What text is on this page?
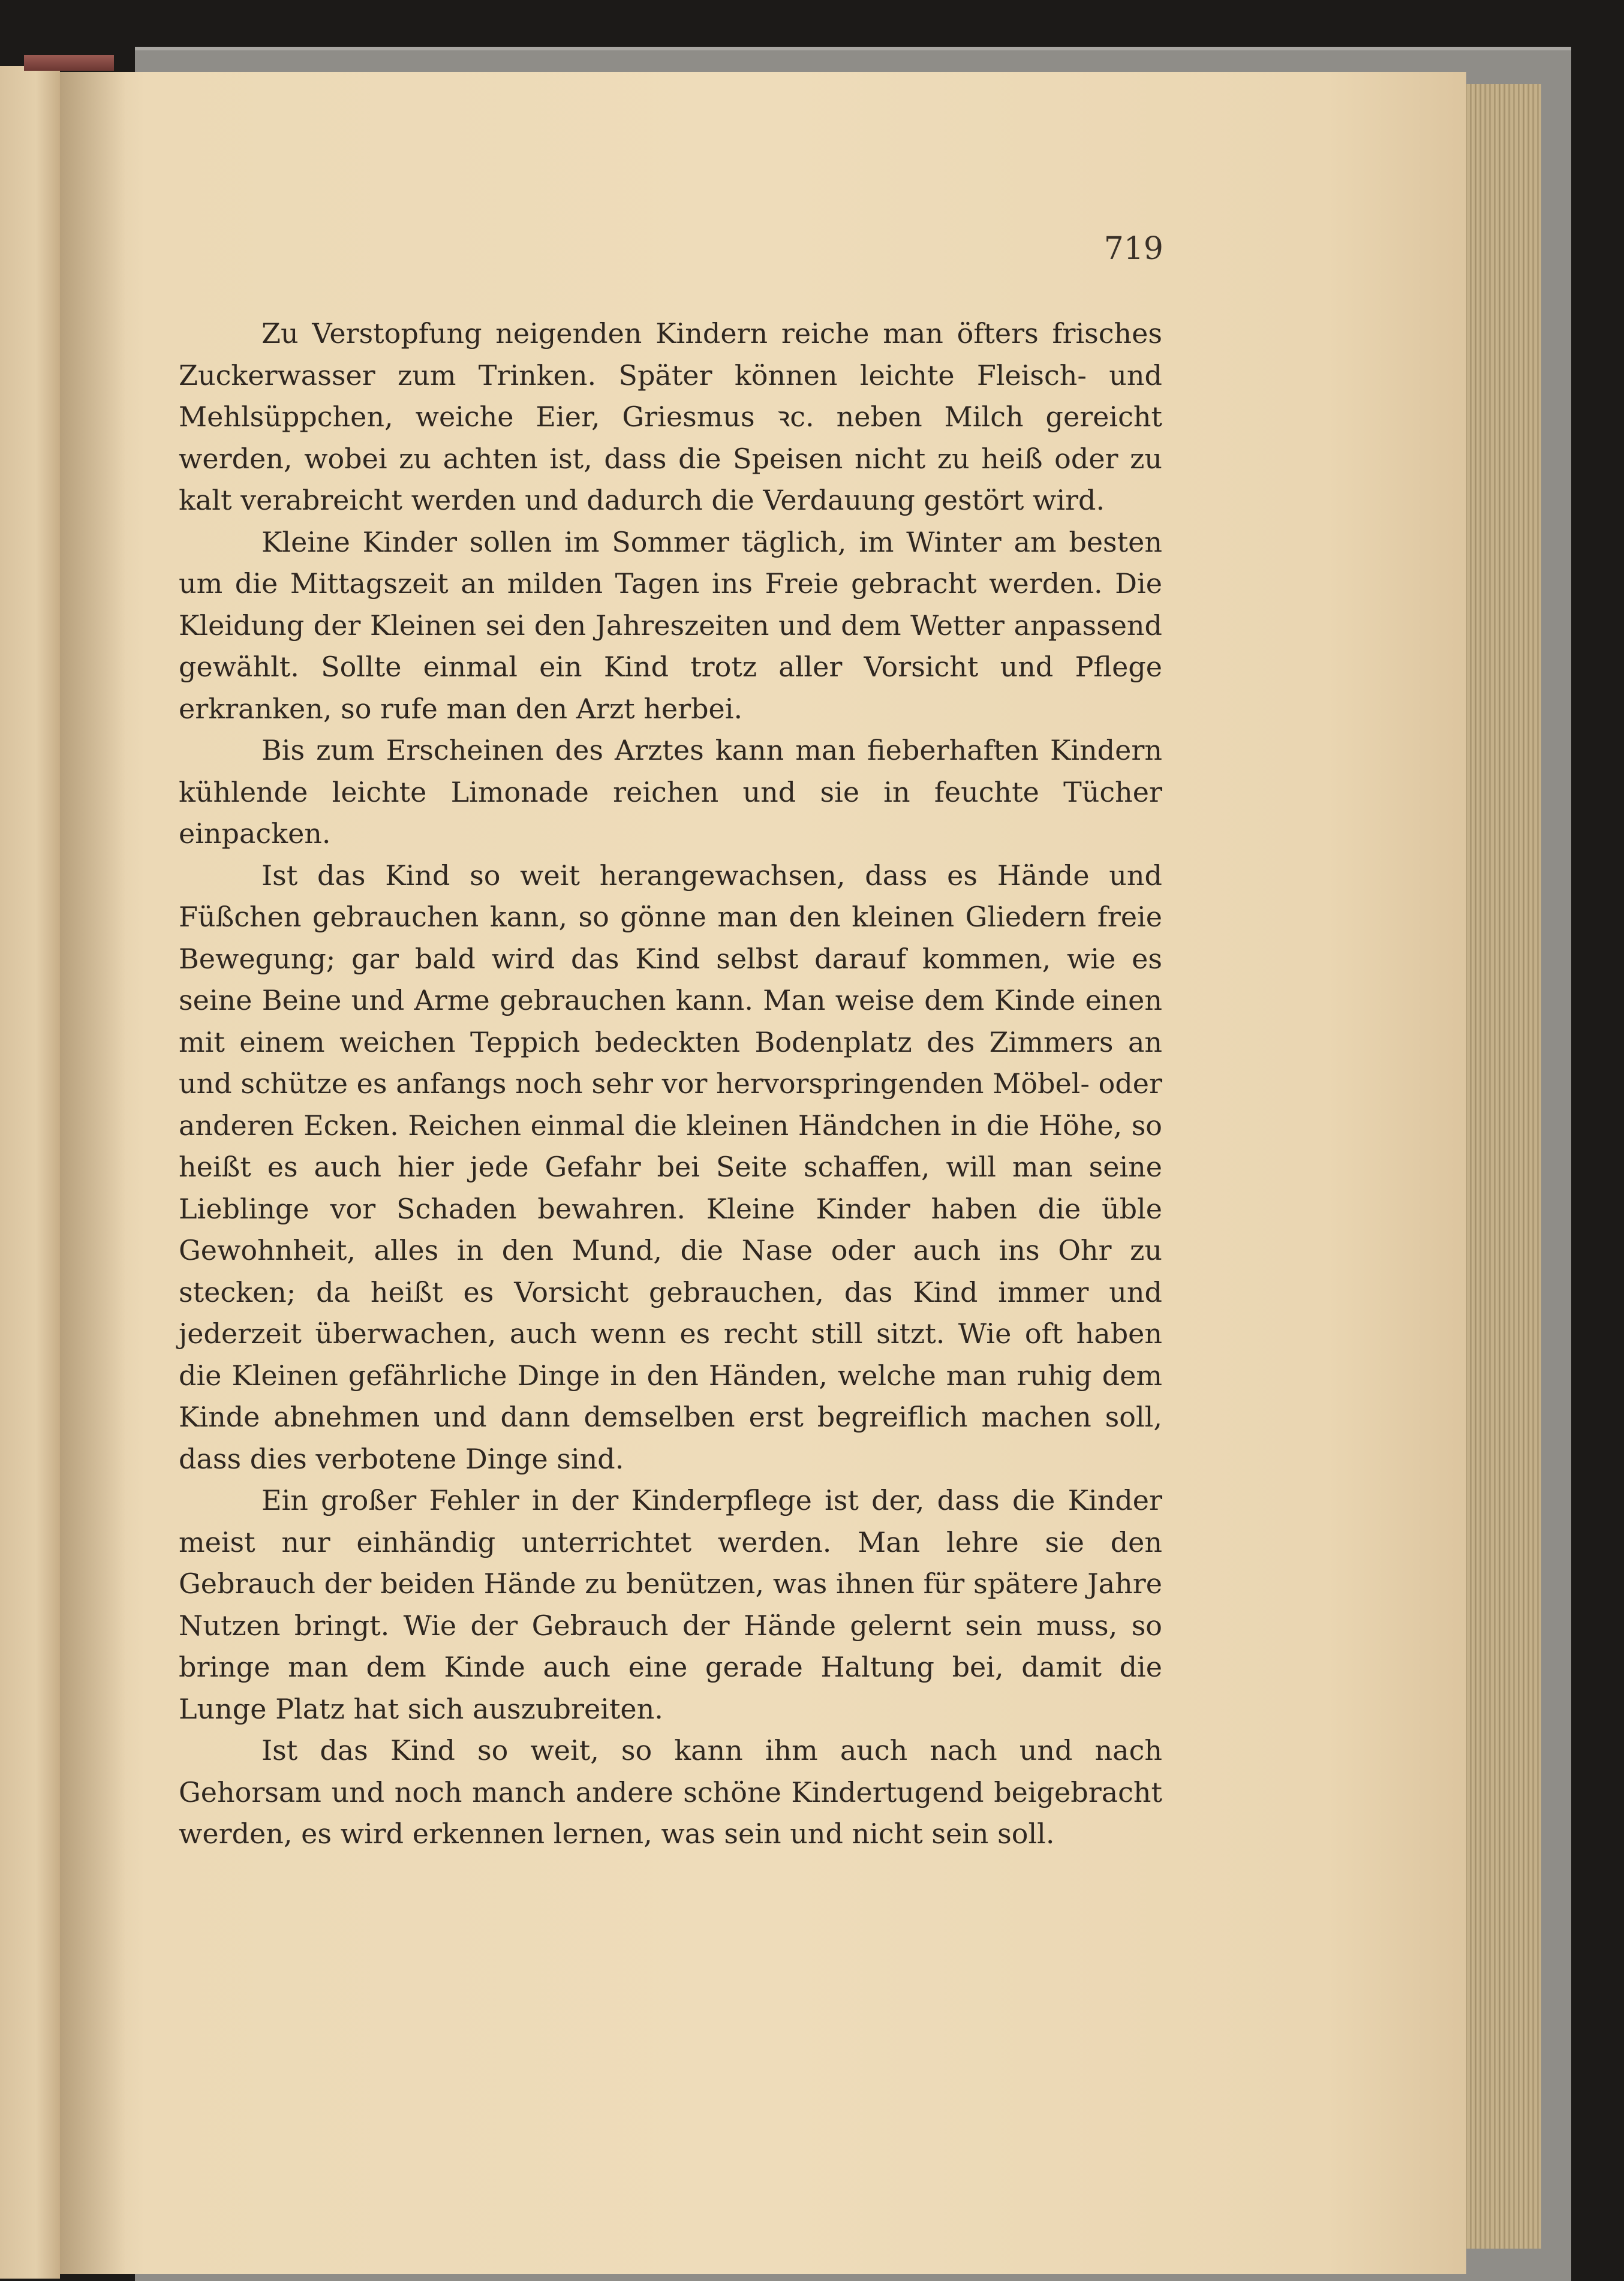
719

Zu Verstopfung neigenden Kindern reiche man öfters frisches Zuckerwasser zum Trinken. Später können leichte Fleisch- und Mehlsüppchen, weiche Eier, Griesmus ꝛc. neben Milch gereicht werden, wobei zu achten ist, dass die Speisen nicht zu heiß oder zu kalt verabreicht werden und dadurch die Verdauung gestört wird.

Kleine Kinder sollen im Sommer täglich, im Winter am besten um die Mittagszeit an milden Tagen ins Freie gebracht werden. Die Kleidung der Kleinen sei den Jahreszeiten und dem Wetter anpassend gewählt. Sollte einmal ein Kind trotz aller Vorsicht und Pflege erkranken, so rufe man den Arzt herbei.

Bis zum Erscheinen des Arztes kann man fieberhaften Kindern kühlende leichte Limonade reichen und sie in feuchte Tücher einpacken.

Ist das Kind so weit herangewachsen, dass es Hände und Füßchen gebrauchen kann, so gönne man den kleinen Gliedern freie Bewegung; gar bald wird das Kind selbst darauf kommen, wie es seine Beine und Arme gebrauchen kann. Man weise dem Kinde einen mit einem weichen Teppich bedeckten Bodenplatz des Zimmers an und schütze es anfangs noch sehr vor hervorspringenden Möbel- oder anderen Ecken. Reichen einmal die kleinen Händchen in die Höhe, so heißt es auch hier jede Gefahr bei Seite schaffen, will man seine Lieblinge vor Schaden bewahren. Kleine Kinder haben die üble Gewohnheit, alles in den Mund, die Nase oder auch ins Ohr zu stecken; da heißt es Vorsicht gebrauchen, das Kind immer und jederzeit überwachen, auch wenn es recht still sitzt. Wie oft haben die Kleinen gefährliche Dinge in den Händen, welche man ruhig dem Kinde abnehmen und dann demselben erst begreiflich machen soll, dass dies verbotene Dinge sind.

Ein großer Fehler in der Kinderpflege ist der, dass die Kinder meist nur einhändig unterrichtet werden. Man lehre sie den Gebrauch der beiden Hände zu benützen, was ihnen für spätere Jahre Nutzen bringt. Wie der Gebrauch der Hände gelernt sein muss, so bringe man dem Kinde auch eine gerade Haltung bei, damit die Lunge Platz hat sich auszubreiten.

Ist das Kind so weit, so kann ihm auch nach und nach Gehorsam und noch manch andere schöne Kindertugend beigebracht werden, es wird erkennen lernen, was sein und nicht sein soll.
